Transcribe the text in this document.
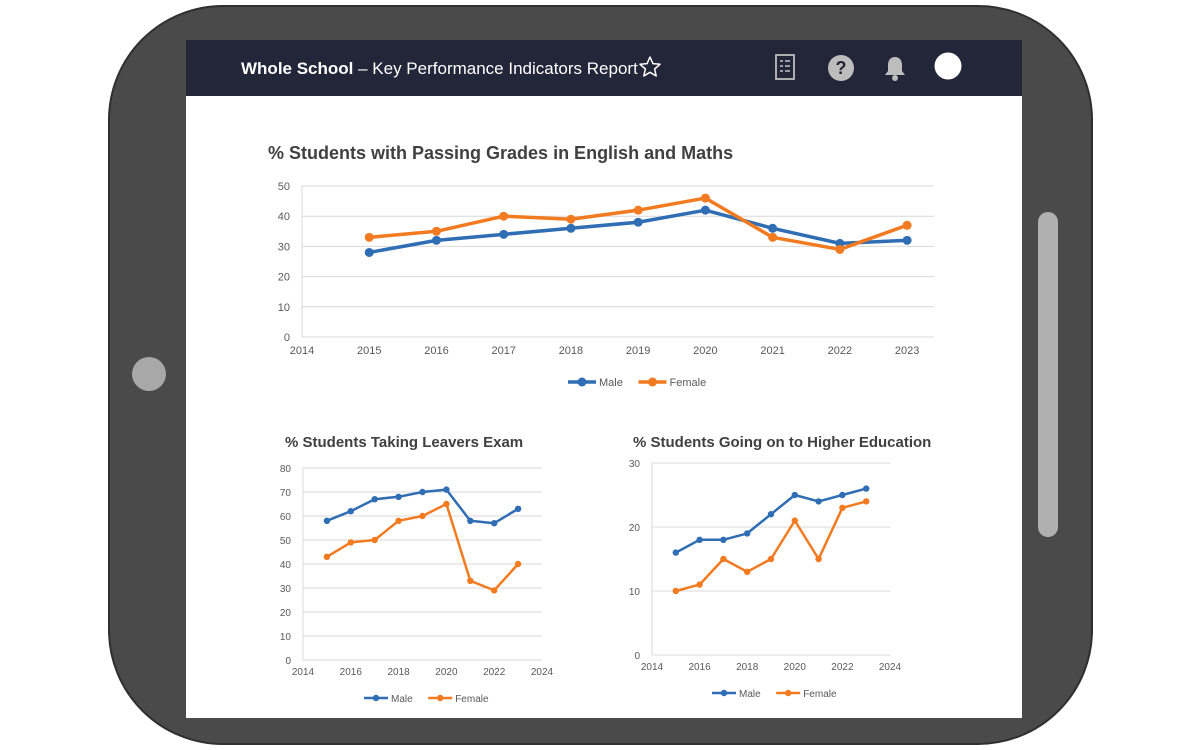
Whole School – Key Performance Indicators Report	?
% Students with Passing Grades in English and Maths
0
10
20
30
40
50
2014	2015	2016	2017	2018	2019	2020	2021	2022	2023
Male	Female
% Students Taking Leavers Exam
0
10
20
30
40
50
60
70
80
2014	2016	2018	2020	2022	2024
Male	Female
% Students Going on to Higher Education
0
10
20
30
2014	2016	2018	2020	2022	2024
Male	Female
